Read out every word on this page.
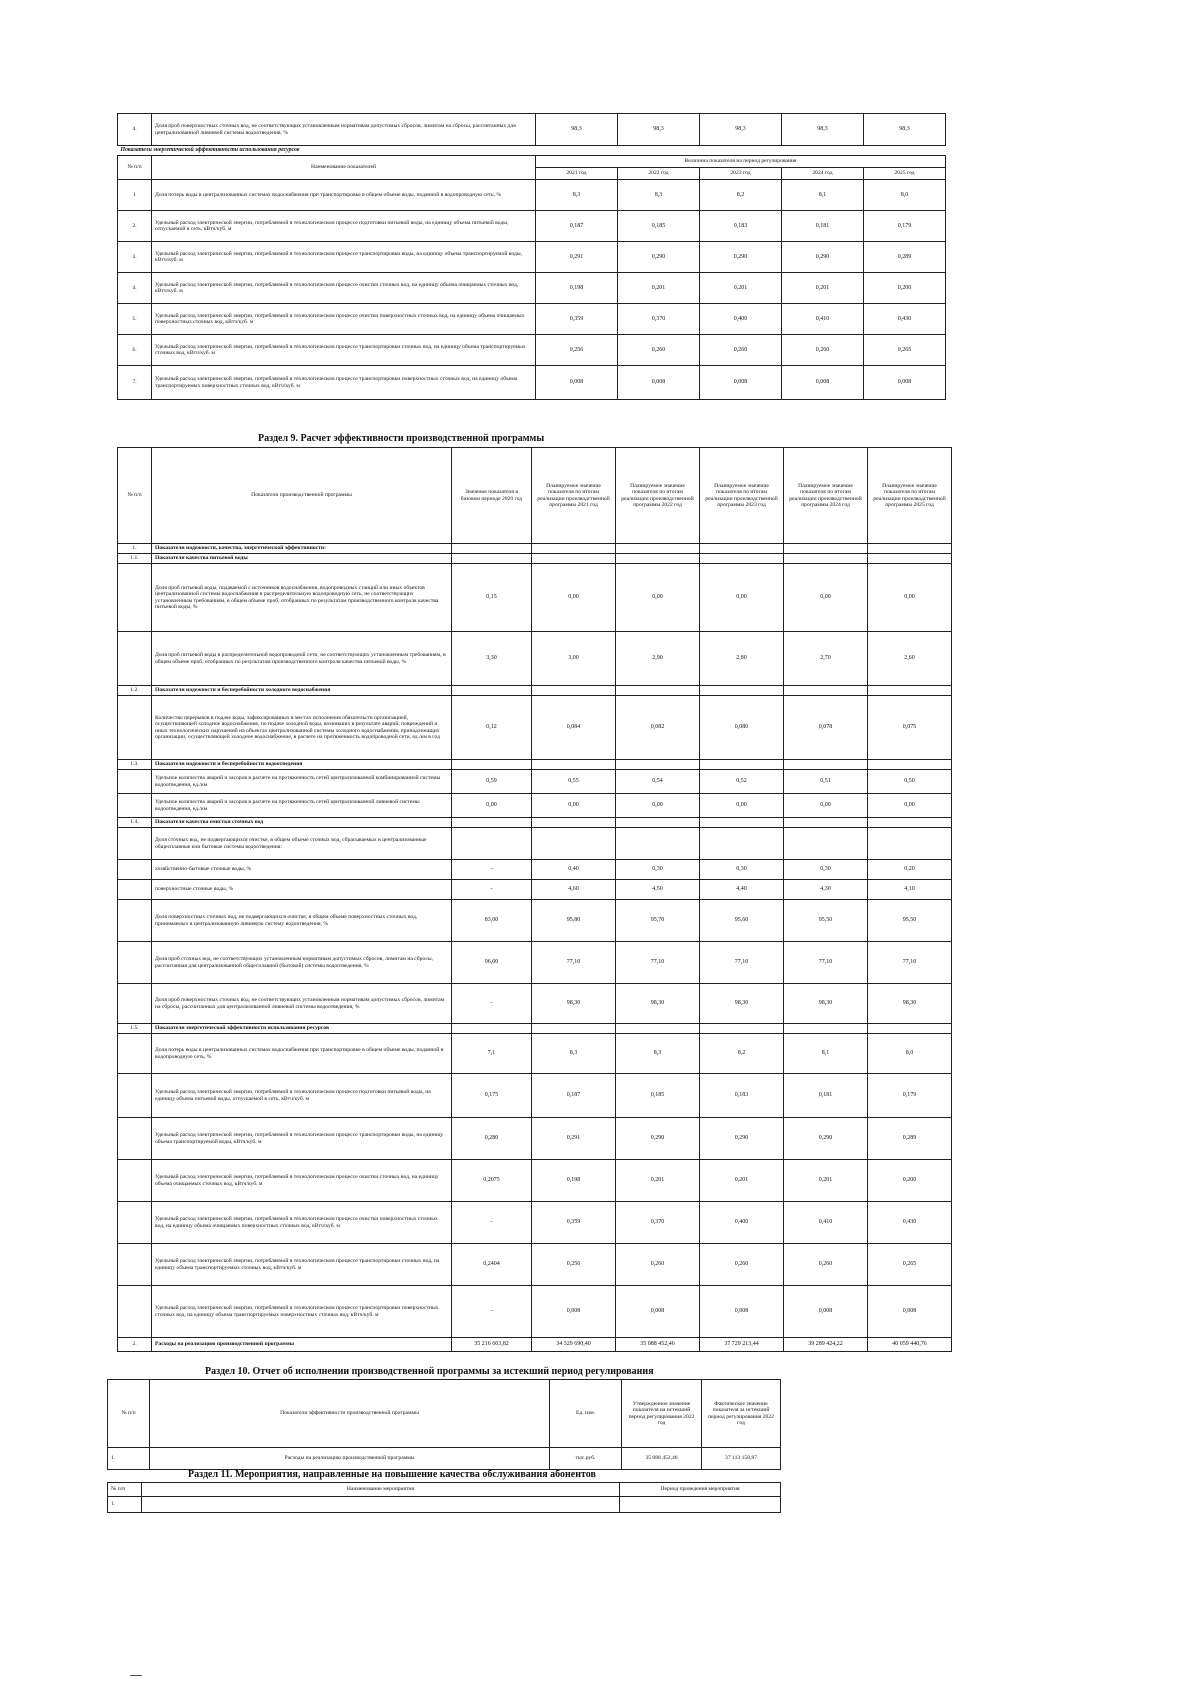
4.	Доля проб поверхностных сточных вод, не соответствующих установленным нормативам допустимых сбросов, лимитам на сбросы, рассчитанных для централизованной ливневой системы водоотведения, %	98,3	98,3	98,3	98,3	98,3
Показатели энергетической эффективности использования ресурсов						
№ п/п	Наименование показателей	Величина показателя на период регулирования				
		2021 год	2022 год	2023 год	2024 год	2025 год
1	Доля потерь воды в централизованных системах водоснабжения при транспортировке в общем объеме воды, поданной в водопроводную сеть, %	8,3	8,3	8,2	8,1	8,0
2.	Удельный расход электрической энергии, потребляемой в технологическом процессе подготовки питьевой воды, на единицу объема питьевой воды, отпускаемой в сеть, кВтч/куб. м	0,187	0,185	0,183	0,181	0,179
3.	Удельный расход электрической энергии, потребляемой в технологическом процессе транспортировки воды, на единицу объема транспортируемой воды, кВтч/куб. м	0,291	0,290	0,290	0,290	0,289
4.	Удельный расход электрической энергии, потребляемой в технологическом процессе очистки сточных вод, на единицу объема очищаемых сточных вод, кВтч/куб. м	0,198	0,201	0,201	0,201	0,200
5.	Удельный расход электрической энергии, потребляемой в технологическом процессе очистки поверхностных сточных вод, на единицу объема очищаемых поверхностных сточных вод, кВтч/куб. м	0,359	0,370	0,400	0,410	0,430
6.	Удельный расход электрической энергии, потребляемой в технологическом процессе транспортировки сточных вод, на единицу объема транспортируемых сточных вод, кВтч/куб. м	0,256	0,260	0,260	0,260	0,265
7.	Удельный расход электрической энергии, потребляемой в технологическом процессе транспортировки поверхностных сточных вод, на единицу объема транспортируемых поверхностных сточных вод, кВтч/куб. м	0,008	0,008	0,008	0,008	0,008
Раздел 9. Расчет эффективности производственной программы
№ п/п	Показатели производственной программы	Значение показателя в базовом периоде 2020 год	Планируемое значение показателя по итогам реализации производственной программы 2021 год	Планируемое значение показателя по итогам реализации производственной программы 2022 год	Планируемое значение показателя по итогам реализации производственной программы 2023 год	Планируемое значение показателя по итогам реализации производственной программы 2024 год	Планируемое значение показателя по итогам реализации производственной программы 2025 год
1.	Показатели надежности, качества, энергетической эффективности:						
1.1.	Показатели качества питьевой воды						
	Доля проб питьевой воды, подаваемой с источников водоснабжения, водопроводных станций или иных объектов централизованной системы водоснабжения в распределительную водопроводную сеть, не соответствующих установленным требованиям, в общем объеме проб, отобранных по результатам производственного контроля качества питьевой воды, %	0,15	0,00	0,00	0,00	0,00	0,00
	Доля проб питьевой воды в распределительной водопроводной сети, не соответствующих установленным требованиям, в общем объеме проб, отобранных по результатам производственного контроля качества питьевой воды, %	3,30	3,00	2,90	2,80	2,70	2,60
1.2.	Показатели надежности и бесперебойности холодного водоснабжения						
	Количество перерывов в подаче воды, зафиксированных в местах исполнения обязательств организацией, осуществляющей холодное водоснабжение, по подаче холодной воды, возникших в результате аварий, повреждений и иных технологических нарушений на объектах централизованной системы холодного водоснабжения, принадлежащих организации, осуществляющей холодное водоснабжение, в расчете на протяженность водопроводной сети, ед./км в год	0,12	0,084	0,082	0,080	0,078	0,075
1.3.	Показатели надежности и бесперебойности водоотведения						
	Удельное количество аварий и засоров в расчете на протяженность сетей централизованной комбинированной системы водоотведения, ед./км	0,59	0,55	0,54	0,52	0,51	0,50
	Удельное количество аварий и засоров в расчете на протяженность сетей централизованной ливневой системы водоотведения, ед./км	0,00	0,00	0,00	0,00	0,00	0,00
1.4.	Показатели качества очистки сточных вод						
	Доля сточных вод, не подвергающихся очистке, в общем объеме сточных вод, сбрасываемых в централизованные общесплавные или бытовые системы водоотведения:						
	хозяйственно-бытовые сточные воды, %	-	0,40	0,30	0,30	0,30	0,20
	поверхностные сточные воды, %	-	4,60	4,50	4,40	4,30	4,10
	Доля поверхностных сточных вод, не подвергающихся очистке, в общем объеме поверхностных сточных вод, принимаемых в централизованную ливневую систему водоотведения, %	83,00	95,80	95,70	95,60	95,50	95,50
	Доля проб сточных вод, не соответствующих установленным нормативам допустимых сбросов, лимитам на сбросы, рассчитанная для централизованной общесплавной (бытовой) системы водоотведения, %	96,00	77,10	77,10	77,10	77,10	77,10
	Доля проб поверхностных сточных вод, не соответствующих установленным нормативам допустимых сбросов, лимитам на сбросы, рассчитанных для централизованной ливневой системы водоотведения, %	-	98,30	98,30	98,30	98,30	98,30
1.5.	Показатели энергетической эффективности использования ресурсов						
	Доля потерь воды в централизованных системах водоснабжения при транспортировке в общем объеме воды, поданной в водопроводную сеть, %	7,1	8,3	8,3	8,2	8,1	8,0
	Удельный расход электрической энергии, потребляемой в технологическом процессе подготовки питьевой воды, на единицу объема питьевой воды, отпускаемой в сеть, кВтч/куб. м	0,175	0,187	0,185	0,183	0,181	0,179
	Удельный расход электрической энергии, потребляемой в технологическом процессе транспортировки воды, на единицу объема транспортируемой воды, кВтч/куб. м	0,280	0,291	0,290	0,290	0,290	0,289
	Удельный расход электрической энергии, потребляемой в технологическом процессе очистки сточных вод, на единицу объема очищаемых сточных вод, кВтч/куб. м	0,2075	0,198	0,201	0,201	0,201	0,200
	Удельный расход электрической энергии, потребляемой в технологическом процессе очистки поверхностных сточных вод, на единицу объема очищаемых поверхностных сточных вод, кВтч/куб. м	-	0,359	0,370	0,400	0,410	0,430
	Удельный расход электрической энергии, потребляемой в технологическом процессе транспортировки сточных вод, на единицу объема транспортируемых сточных вод, кВтч/куб. м	0,2404	0,256	0,260	0,260	0,260	0,265
	Удельный расход электрической энергии, потребляемой в технологическом процессе транспортировки поверхностных сточных вод, на единицу объема транспортируемых поверхностных сточных вод, кВтч/куб. м	-	0,008	0,008	0,008	0,008	0,008
2.	Расходы на реализацию производственной программы	35 216 603,82	34 329 690,40	35 088 452,46	37 729 213,44	39 289 424,22	40 059 440,76
Раздел 10. Отчет об исполнении производственной программы за истекший период регулирования
№ п/п	Показатели эффективности производственной программы	Ед. изм.	Утвержденное значение показателя на истекший период регулирования 2022 год	Фактическое значение показателя за истекший период регулирования 2022 год
1.	Расходы на реализацию производственной программы	тыс.руб.	35 088 452,46	37 113 158,87
Раздел 11. Мероприятия, направленные на повышение качества обслуживания абонентов
№ п/п	Наименование мероприятия	Период проведения мероприятия
1.		
